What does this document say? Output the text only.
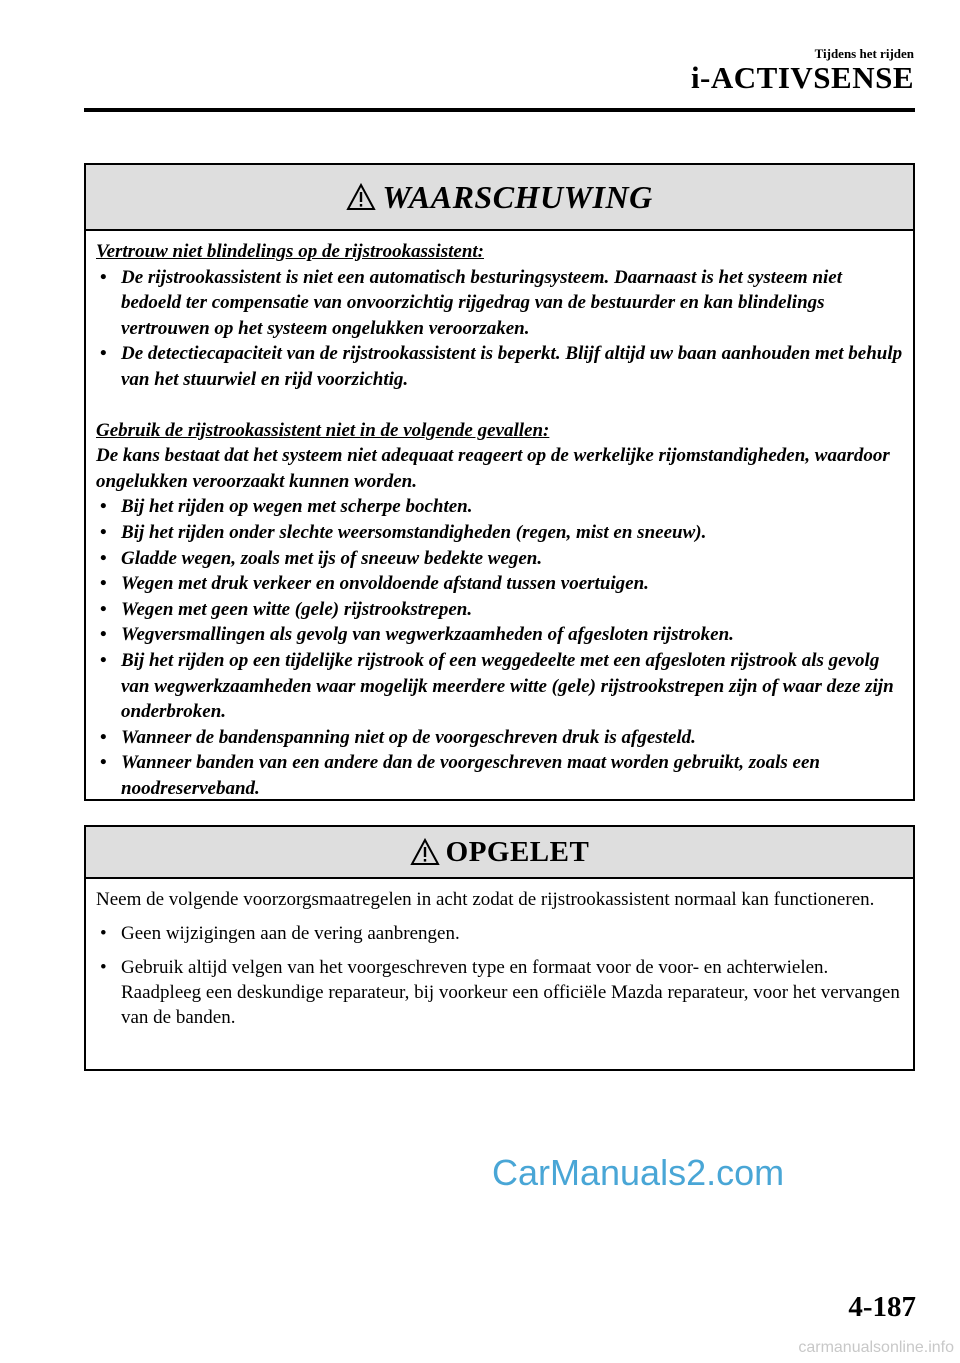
Tijdens het rijden
i-ACTIVSENSE
WAARSCHUWING
Vertrouw niet blindelings op de rijstrookassistent:
• De rijstrookassistent is niet een automatisch besturingsysteem. Daarnaast is het systeem niet bedoeld ter compensatie van onvoorzichtig rijgedrag van de bestuurder en kan blindelings vertrouwen op het systeem ongelukken veroorzaken.
• De detectiecapaciteit van de rijstrookassistent is beperkt. Blijf altijd uw baan aanhouden met behulp van het stuurwiel en rijd voorzichtig.
Gebruik de rijstrookassistent niet in de volgende gevallen:
De kans bestaat dat het systeem niet adequaat reageert op de werkelijke rijomstandigheden, waardoor ongelukken veroorzaakt kunnen worden.
• Bij het rijden op wegen met scherpe bochten.
• Bij het rijden onder slechte weersomstandigheden (regen, mist en sneeuw).
• Gladde wegen, zoals met ijs of sneeuw bedekte wegen.
• Wegen met druk verkeer en onvoldoende afstand tussen voertuigen.
• Wegen met geen witte (gele) rijstrookstrepen.
• Wegversmallingen als gevolg van wegwerkzaamheden of afgesloten rijstroken.
• Bij het rijden op een tijdelijke rijstrook of een weggedeelte met een afgesloten rijstrook als gevolg van wegwerkzaamheden waar mogelijk meerdere witte (gele) rijstrookstrepen zijn of waar deze zijn onderbroken.
• Wanneer de bandenspanning niet op de voorgeschreven druk is afgesteld.
• Wanneer banden van een andere dan de voorgeschreven maat worden gebruikt, zoals een noodreserveband.
OPGELET
Neem de volgende voorzorgsmaatregelen in acht zodat de rijstrookassistent normaal kan functioneren.
• Geen wijzigingen aan de vering aanbrengen.
• Gebruik altijd velgen van het voorgeschreven type en formaat voor de voor- en achterwielen. Raadpleeg een deskundige reparateur, bij voorkeur een officiële Mazda reparateur, voor het vervangen van de banden.
CarManuals2.com
4-187
carmanualsonline.info
